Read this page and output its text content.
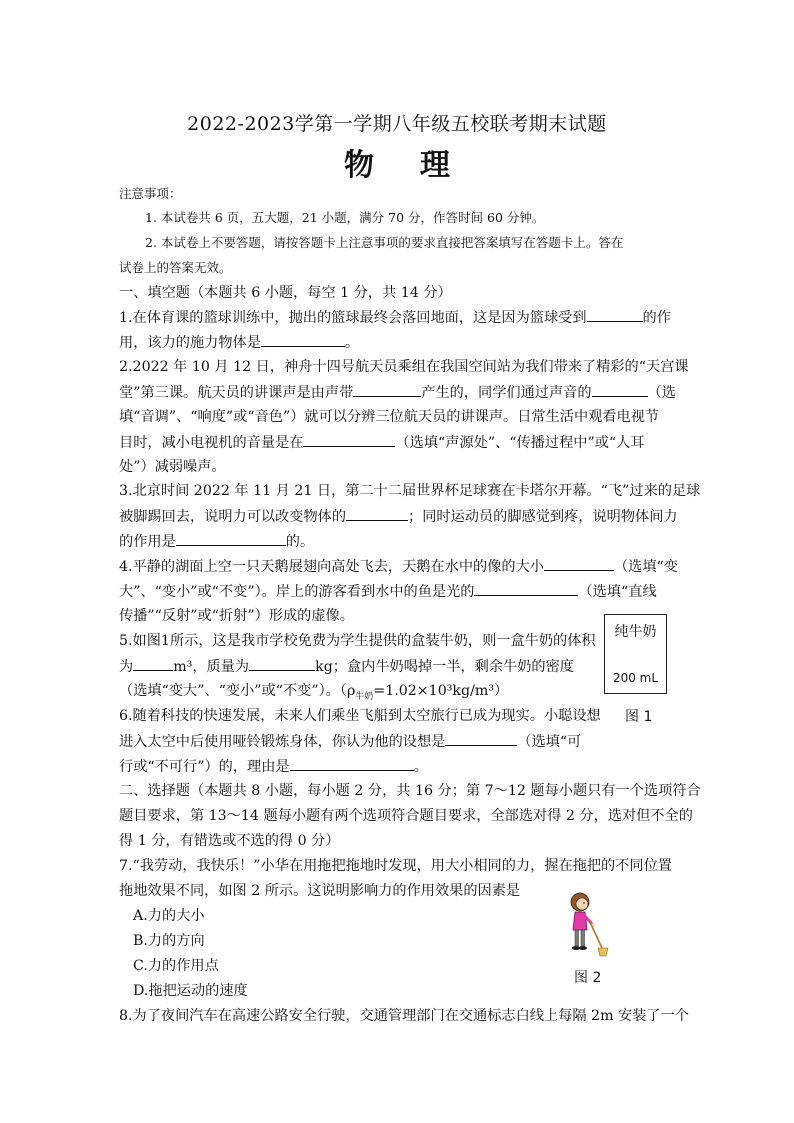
2022-2023学第一学期八年级五校联考期末试题
物理
注意事项：
1. 本试卷共 6 页，五大题，21 小题，满分 70 分，作答时间 60 分钟。
2. 本试卷上不要答题，请按答题卡上注意事项的要求直接把答案填写在答题卡上。答在
试卷上的答案无效。
一、填空题（本题共 6 小题，每空 1 分，共 14 分）
1.在体育课的篮球训练中，抛出的篮球最终会落回地面，这是因为篮球受到	的作
用，该力的施力物体是	。
2.2022 年 10 月 12 日，神舟十四号航天员乘组在我国空间站为我们带来了精彩的“天宫课
堂”第三课。航天员的讲课声是由声带	产生的，同学们通过声音的	（选
填“音调”、“响度”或“音色”）就可以分辨三位航天员的讲课声。日常生活中观看电视节
目时，减小电视机的音量是在	（选填“声源处”、“传播过程中”或“人耳
处”）减弱噪声。
3.北京时间 2022 年 11 月 21 日，第二十二届世界杯足球赛在卡塔尔开幕。“飞”过来的足球
被脚踢回去，说明力可以改变物体的	；同时运动员的脚感觉到疼，说明物体间力
的作用是	的。
4.平静的湖面上空一只天鹅展翅向高处飞去，天鹅在水中的像的大小	（选填“变
大”、“变小”或“不变”）。岸上的游客看到水中的鱼是光的	（选填“直线
传播”“反射”或“折射”）形成的虚像。
5.如图1所示，这是我市学校免费为学生提供的盒装牛奶，则一盒牛奶的体积
为	m³，质量为	kg；盒内牛奶喝掉一半，剩余牛奶的密度
（选填“变大”、“变小”或“不变”）。$(\rho_{牛奶}=1.02\times 10^3kg/m^3)$
纯牛奶
200 mL
图 1
6.随着科技的快速发展，未来人们乘坐飞船到太空旅行已成为现实。小聪设想
进入太空中后使用哑铃锻炼身体，你认为他的设想是	（选填“可
行或“不可行”）的，理由是	。
二、选择题（本题共 8 小题，每小题 2 分，共 16 分；第 7～12 题每小题只有一个选项符合
题目要求，第 13～14 题每小题有两个选项符合题目要求，全部选对得 2 分，选对但不全的
得 1 分，有错选或不选的得 0 分）
7.“我劳动，我快乐！”小华在用拖把拖地时发现，用大小相同的力，握在拖把的不同位置
拖地效果不同，如图 2 所示。这说明影响力的作用效果的因素是
A.力的大小
B.力的方向
C.力的作用点
D.拖把运动的速度
图 2
8.为了夜间汽车在高速公路安全行驶，交通管理部门在交通标志白线上每隔 2m 安装了一个
